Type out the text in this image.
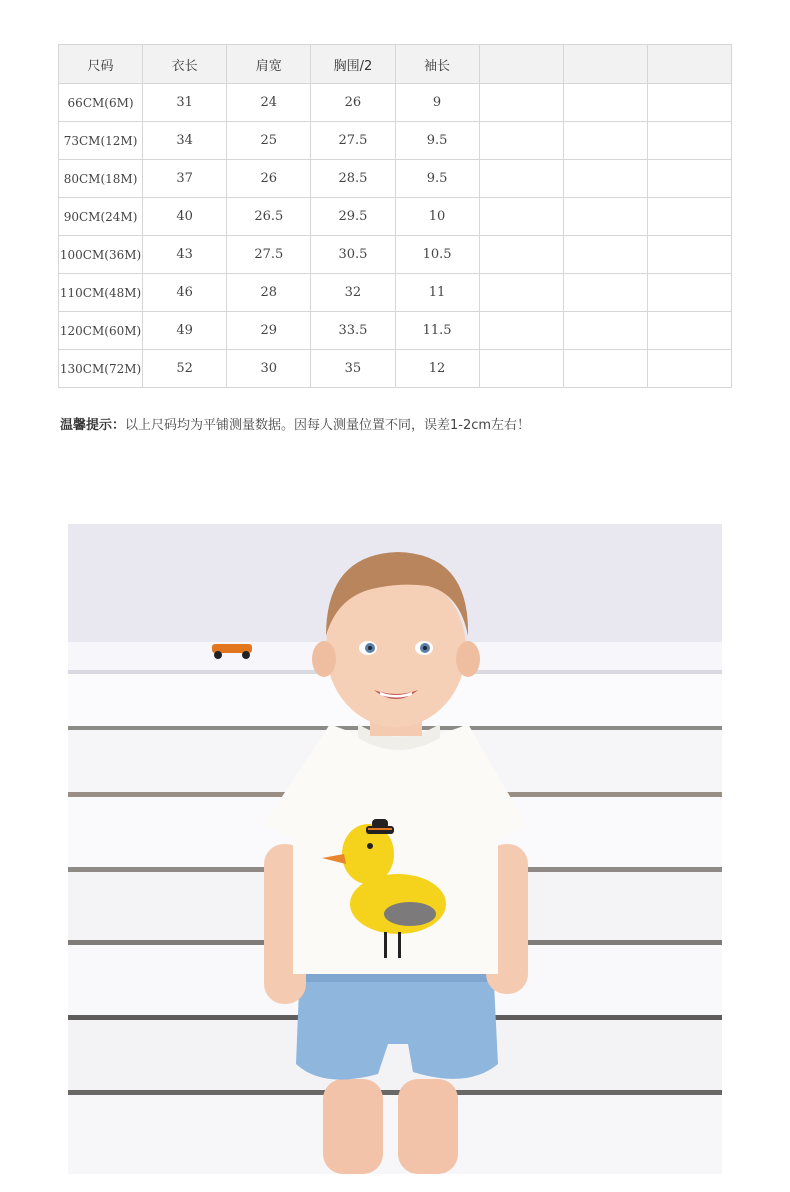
尺码	衣长	肩宽	胸围/2	袖长			
66CM(6M)	31	24	26	9			
73CM(12M)	34	25	27.5	9.5			
80CM(18M)	37	26	28.5	9.5			
90CM(24M)	40	26.5	29.5	10			
100CM(36M)	43	27.5	30.5	10.5			
110CM(48M)	46	28	32	11			
120CM(60M)	49	29	33.5	11.5			
130CM(72M)	52	30	35	12			
温馨提示：以上尺码均为平铺测量数据。因每人测量位置不同，误差1-2cm左右！
